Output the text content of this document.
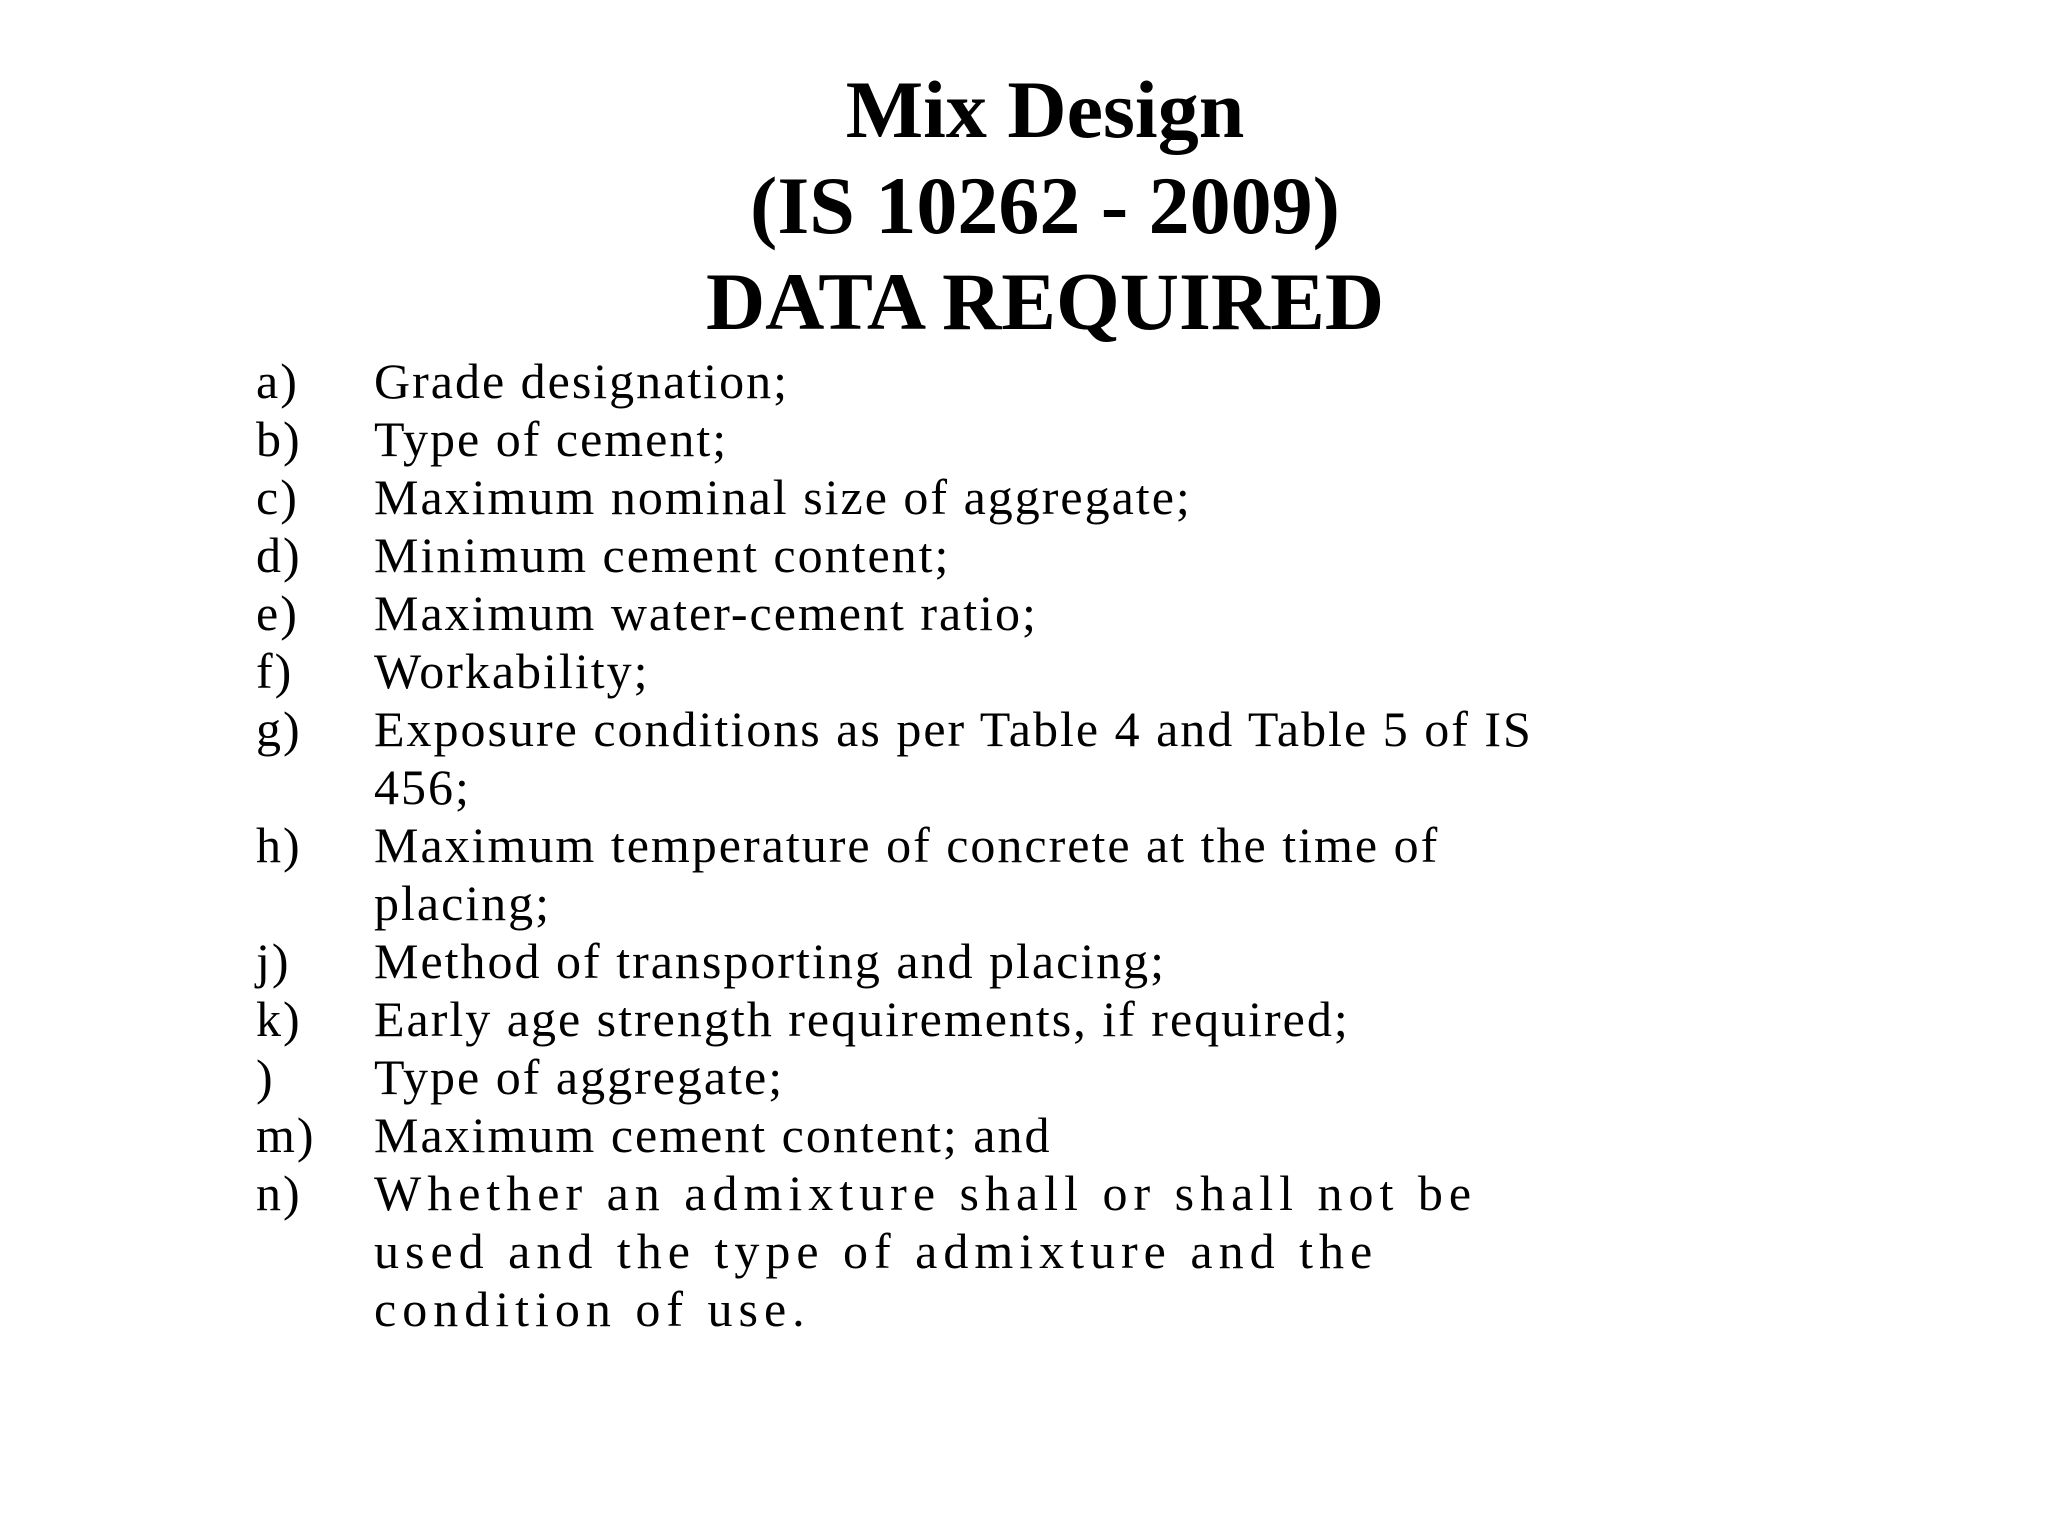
Mix Design
(IS 10262 - 2009)
DATA REQUIRED
a)	Grade designation;
b)	Type of cement;
c)	Maximum nominal size of aggregate;
d)	Minimum cement content;
e)	Maximum water-cement ratio;
f)	Workability;
g)	Exposure conditions as per Table 4 and Table 5 of IS 456;
h)	Maximum temperature of concrete at the time of placing;
j)	Method of transporting and placing;
k)	Early age strength requirements, if required;
)	Type of aggregate;
m)	Maximum cement content; and
n)	Whether an admixture shall or shall not be used and the type of admixture and the condition of use.
